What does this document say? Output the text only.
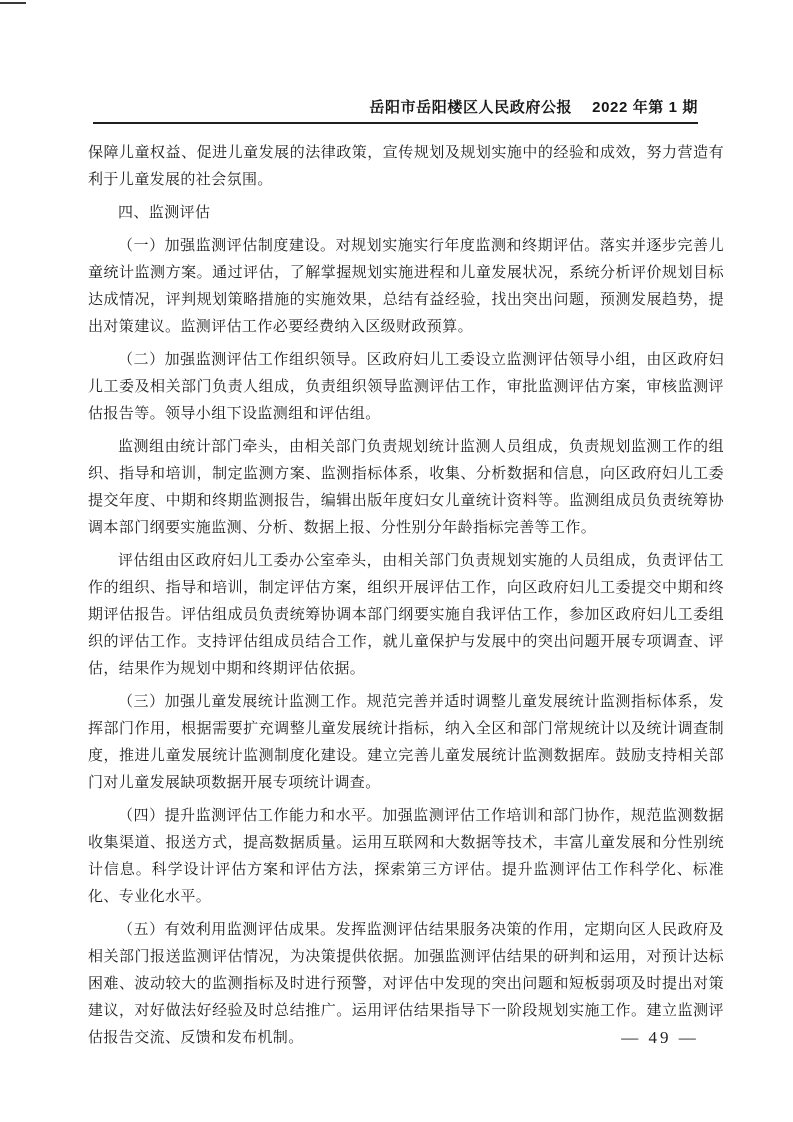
岳阳市岳阳楼区人民政府公报 2022 年第 1 期

保障儿童权益、促进儿童发展的法律政策，宣传规划及规划实施中的经验和成效，努力营造有利于儿童发展的社会氛围。

四、监测评估

（一）加强监测评估制度建设。对规划实施实行年度监测和终期评估。落实并逐步完善儿童统计监测方案。通过评估，了解掌握规划实施进程和儿童发展状况，系统分析评价规划目标达成情况，评判规划策略措施的实施效果，总结有益经验，找出突出问题，预测发展趋势，提出对策建议。监测评估工作必要经费纳入区级财政预算。

（二）加强监测评估工作组织领导。区政府妇儿工委设立监测评估领导小组，由区政府妇儿工委及相关部门负责人组成，负责组织领导监测评估工作，审批监测评估方案，审核监测评估报告等。领导小组下设监测组和评估组。

监测组由统计部门牵头，由相关部门负责规划统计监测人员组成，负责规划监测工作的组织、指导和培训，制定监测方案、监测指标体系，收集、分析数据和信息，向区政府妇儿工委提交年度、中期和终期监测报告，编辑出版年度妇女儿童统计资料等。监测组成员负责统筹协调本部门纲要实施监测、分析、数据上报、分性别分年龄指标完善等工作。

评估组由区政府妇儿工委办公室牵头，由相关部门负责规划实施的人员组成，负责评估工作的组织、指导和培训，制定评估方案，组织开展评估工作，向区政府妇儿工委提交中期和终期评估报告。评估组成员负责统筹协调本部门纲要实施自我评估工作，参加区政府妇儿工委组织的评估工作。支持评估组成员结合工作，就儿童保护与发展中的突出问题开展专项调查、评估，结果作为规划中期和终期评估依据。

（三）加强儿童发展统计监测工作。规范完善并适时调整儿童发展统计监测指标体系，发挥部门作用，根据需要扩充调整儿童发展统计指标，纳入全区和部门常规统计以及统计调查制度，推进儿童发展统计监测制度化建设。建立完善儿童发展统计监测数据库。鼓励支持相关部门对儿童发展缺项数据开展专项统计调查。

（四）提升监测评估工作能力和水平。加强监测评估工作培训和部门协作，规范监测数据收集渠道、报送方式，提高数据质量。运用互联网和大数据等技术，丰富儿童发展和分性别统计信息。科学设计评估方案和评估方法，探索第三方评估。提升监测评估工作科学化、标准化、专业化水平。

（五）有效利用监测评估成果。发挥监测评估结果服务决策的作用，定期向区人民政府及相关部门报送监测评估情况，为决策提供依据。加强监测评估结果的研判和运用，对预计达标困难、波动较大的监测指标及时进行预警，对评估中发现的突出问题和短板弱项及时提出对策建议，对好做法好经验及时总结推广。运用评估结果指导下一阶段规划实施工作。建立监测评估报告交流、反馈和发布机制。	— 49 —
